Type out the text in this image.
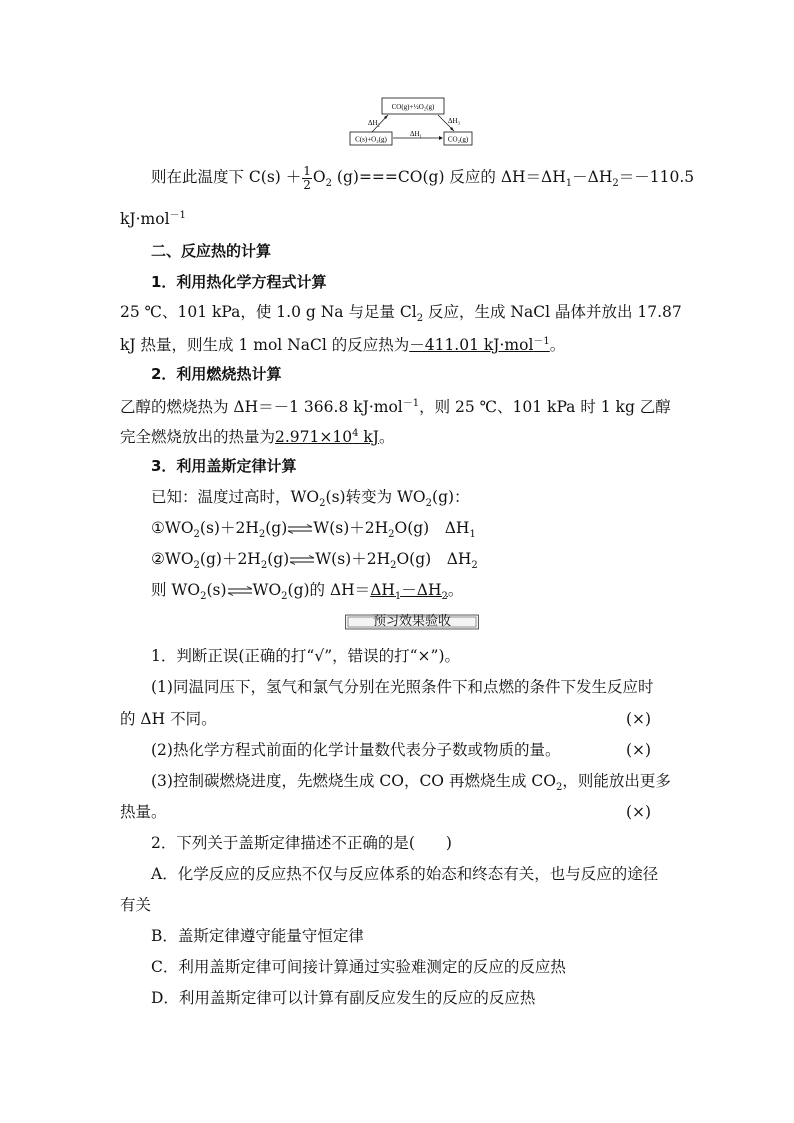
CO(g)+½O₂(g)
C(s)+O₂(g)	CO₂(g)
ΔH₂	ΔH₃
ΔH₁
则在此温度下 $C(s) + \frac{1}{2} O_2$ (g)===CO(g) 反应的 $\Delta H=\Delta H_1-\Delta H_2=-110.5$
kJ·mol$^{-1}$
二、反应热的计算
1．利用热化学方程式计算
25 ℃、101 kPa，使 1.0 g Na 与足量 $Cl_2$ 反应，生成 NaCl 晶体并放出 17.87
kJ 热量，则生成 1 mol NaCl 的反应热为－411.01 kJ·mol$^{-1}$。
2．利用燃烧热计算
乙醇的燃烧热为 ΔH＝－1 366.8 kJ·mol$^{-1}$，则 25 ℃、101 kPa 时 1 kg 乙醇
完全燃烧放出的热量为$2.971\times 10^4$ kJ。
3．利用盖斯定律计算
已知：温度过高时，$WO_2(s)$转变为 $WO_2(g)$：
$①WO_2(s)+2H_2(g)\rightleftharpoons W(s)+2H_2O(g)$　$\Delta H_1$
$②WO_2(g)+2H_2(g)\rightleftharpoons W(s)+2H_2O(g)$　$\Delta H_2$
则 $WO_2(s)\rightleftharpoons WO_2(g)$的 $\Delta H=\Delta H_1-\Delta H_2$。
预习效果验收
1．判断正误(正确的打“√”，错误的打“×”)。
(1)同温同压下，氢气和氯气分别在光照条件下和点燃的条件下发生反应时
的 ΔH 不同。	(×)
(2)热化学方程式前面的化学计量数代表分子数或物质的量。	(×)
(3)控制碳燃烧进度，先燃烧生成 CO，CO 再燃烧生成 $CO_2$，则能放出更多
热量。	(×)
2．下列关于盖斯定律描述不正确的是(　　)
A．化学反应的反应热不仅与反应体系的始态和终态有关，也与反应的途径
有关
B．盖斯定律遵守能量守恒定律
C．利用盖斯定律可间接计算通过实验难测定的反应的反应热
D．利用盖斯定律可以计算有副反应发生的反应的反应热
